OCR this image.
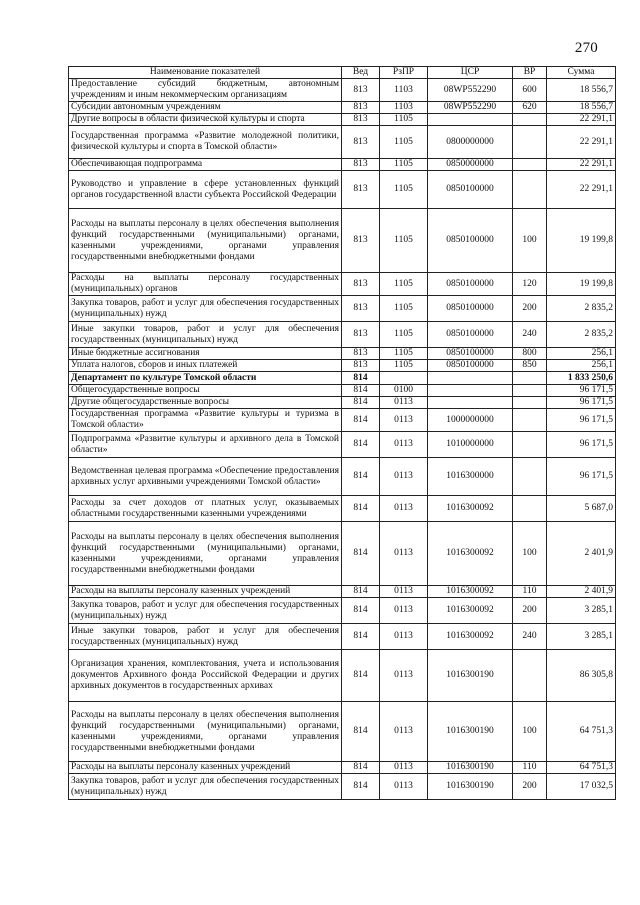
270
Наименование показателей	Вед	РзПР	ЦСР	ВР	Сумма
Предоставление субсидий бюджетным, автономным учреждениям и иным некоммерческим организациям	813	1103	08WP552290	600	18 556,7
Субсидии автономным учреждениям	813	1103	08WP552290	620	18 556,7
Другие вопросы в области физической культуры и спорта	813	1105			22 291,1
Государственная программа «Развитие молодежной политики, физической культуры и спорта в Томской области»	813	1105	0800000000		22 291,1
Обеспечивающая подпрограмма	813	1105	0850000000		22 291,1
Руководство и управление в сфере установленных функций органов государственной власти субъекта Российской Федерации	813	1105	0850100000		22 291,1
Расходы на выплаты персоналу в целях обеспечения выполнения функций государственными (муниципальными) органами, казенными учреждениями, органами управления государственными внебюджетными фондами	813	1105	0850100000	100	19 199,8
Расходы на выплаты персоналу государственных (муниципальных) органов	813	1105	0850100000	120	19 199,8
Закупка товаров, работ и услуг для обеспечения государственных (муниципальных) нужд	813	1105	0850100000	200	2 835,2
Иные закупки товаров, работ и услуг для обеспечения государственных (муниципальных) нужд	813	1105	0850100000	240	2 835,2
Иные бюджетные ассигнования	813	1105	0850100000	800	256,1
Уплата налогов, сборов и иных платежей	813	1105	0850100000	850	256,1
Департамент по культуре Томской области	814				1 833 250,6
Общегосударственные вопросы	814	0100			96 171,5
Другие общегосударственные вопросы	814	0113			96 171,5
Государственная программа «Развитие культуры и туризма в Томской области»	814	0113	1000000000		96 171,5
Подпрограмма «Развитие культуры и архивного дела в Томской области»	814	0113	1010000000		96 171,5
Ведомственная целевая программа «Обеспечение предоставления архивных услуг архивными учреждениями Томской области»	814	0113	1016300000		96 171,5
Расходы за счет доходов от платных услуг, оказываемых областными государственными казенными учреждениями	814	0113	1016300092		5 687,0
Расходы на выплаты персоналу в целях обеспечения выполнения функций государственными (муниципальными) органами, казенными учреждениями, органами управления государственными внебюджетными фондами	814	0113	1016300092	100	2 401,9
Расходы на выплаты персоналу казенных учреждений	814	0113	1016300092	110	2 401,9
Закупка товаров, работ и услуг для обеспечения государственных (муниципальных) нужд	814	0113	1016300092	200	3 285,1
Иные закупки товаров, работ и услуг для обеспечения государственных (муниципальных) нужд	814	0113	1016300092	240	3 285,1
Организация хранения, комплектования, учета и использования документов Архивного фонда Российской Федерации и других архивных документов в государственных архивах	814	0113	1016300190		86 305,8
Расходы на выплаты персоналу в целях обеспечения выполнения функций государственными (муниципальными) органами, казенными учреждениями, органами управления государственными внебюджетными фондами	814	0113	1016300190	100	64 751,3
Расходы на выплаты персоналу казенных учреждений	814	0113	1016300190	110	64 751,3
Закупка товаров, работ и услуг для обеспечения государственных (муниципальных) нужд	814	0113	1016300190	200	17 032,5
